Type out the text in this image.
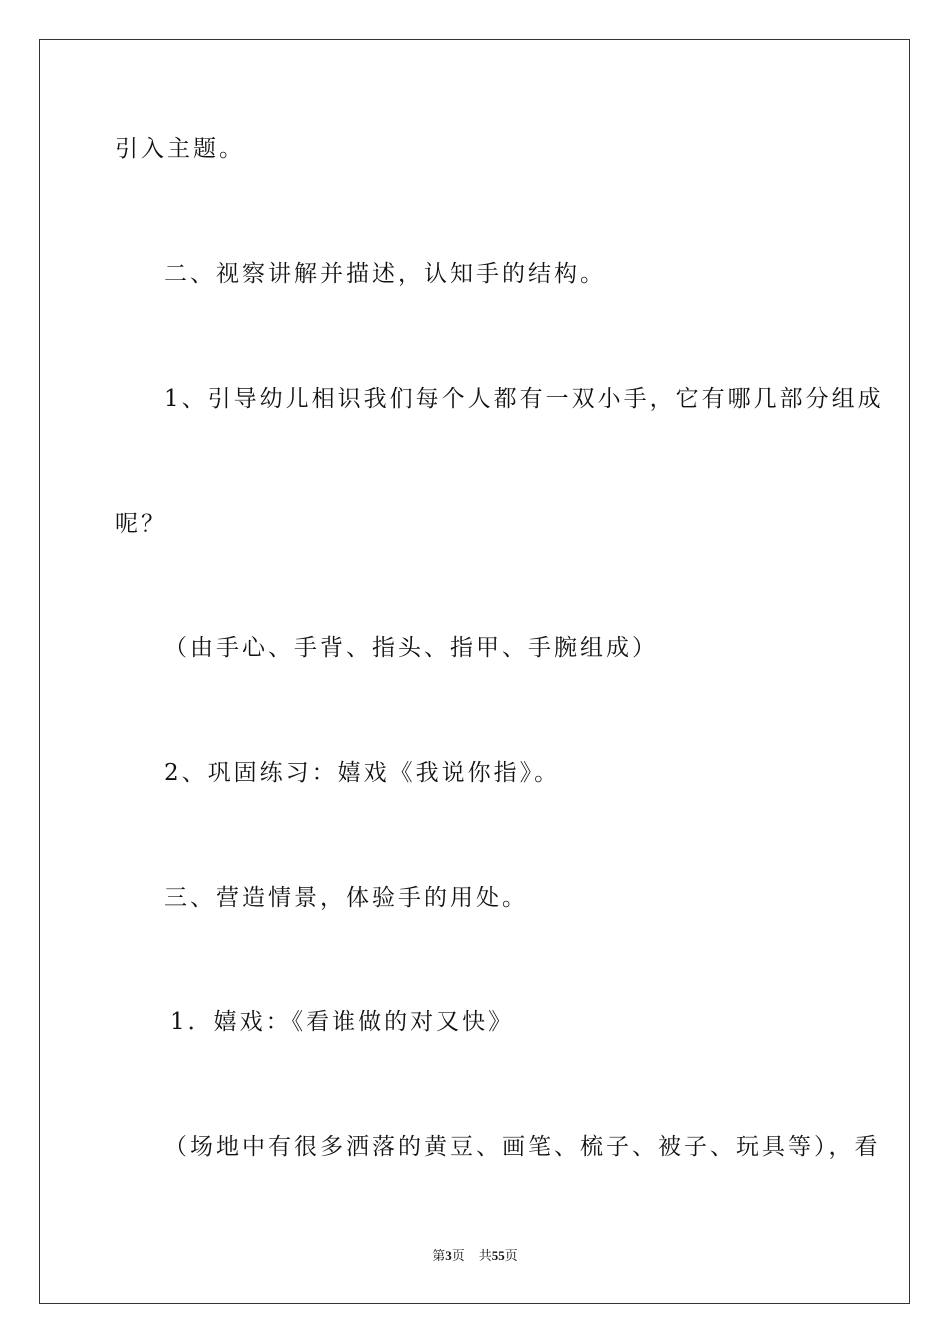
引入主题。
二、视察讲解并描述，认知手的结构。
1、引导幼儿相识我们每个人都有一双小手，它有哪几部分组成
呢？
（由手心、手背、指头、指甲、手腕组成）
2、巩固练习：嬉戏《我说你指》。
三、营造情景，体验手的用处。
1．嬉戏：《看谁做的对又快》
（场地中有很多洒落的黄豆、画笔、梳子、被子、玩具等），看
第3页 共55页
